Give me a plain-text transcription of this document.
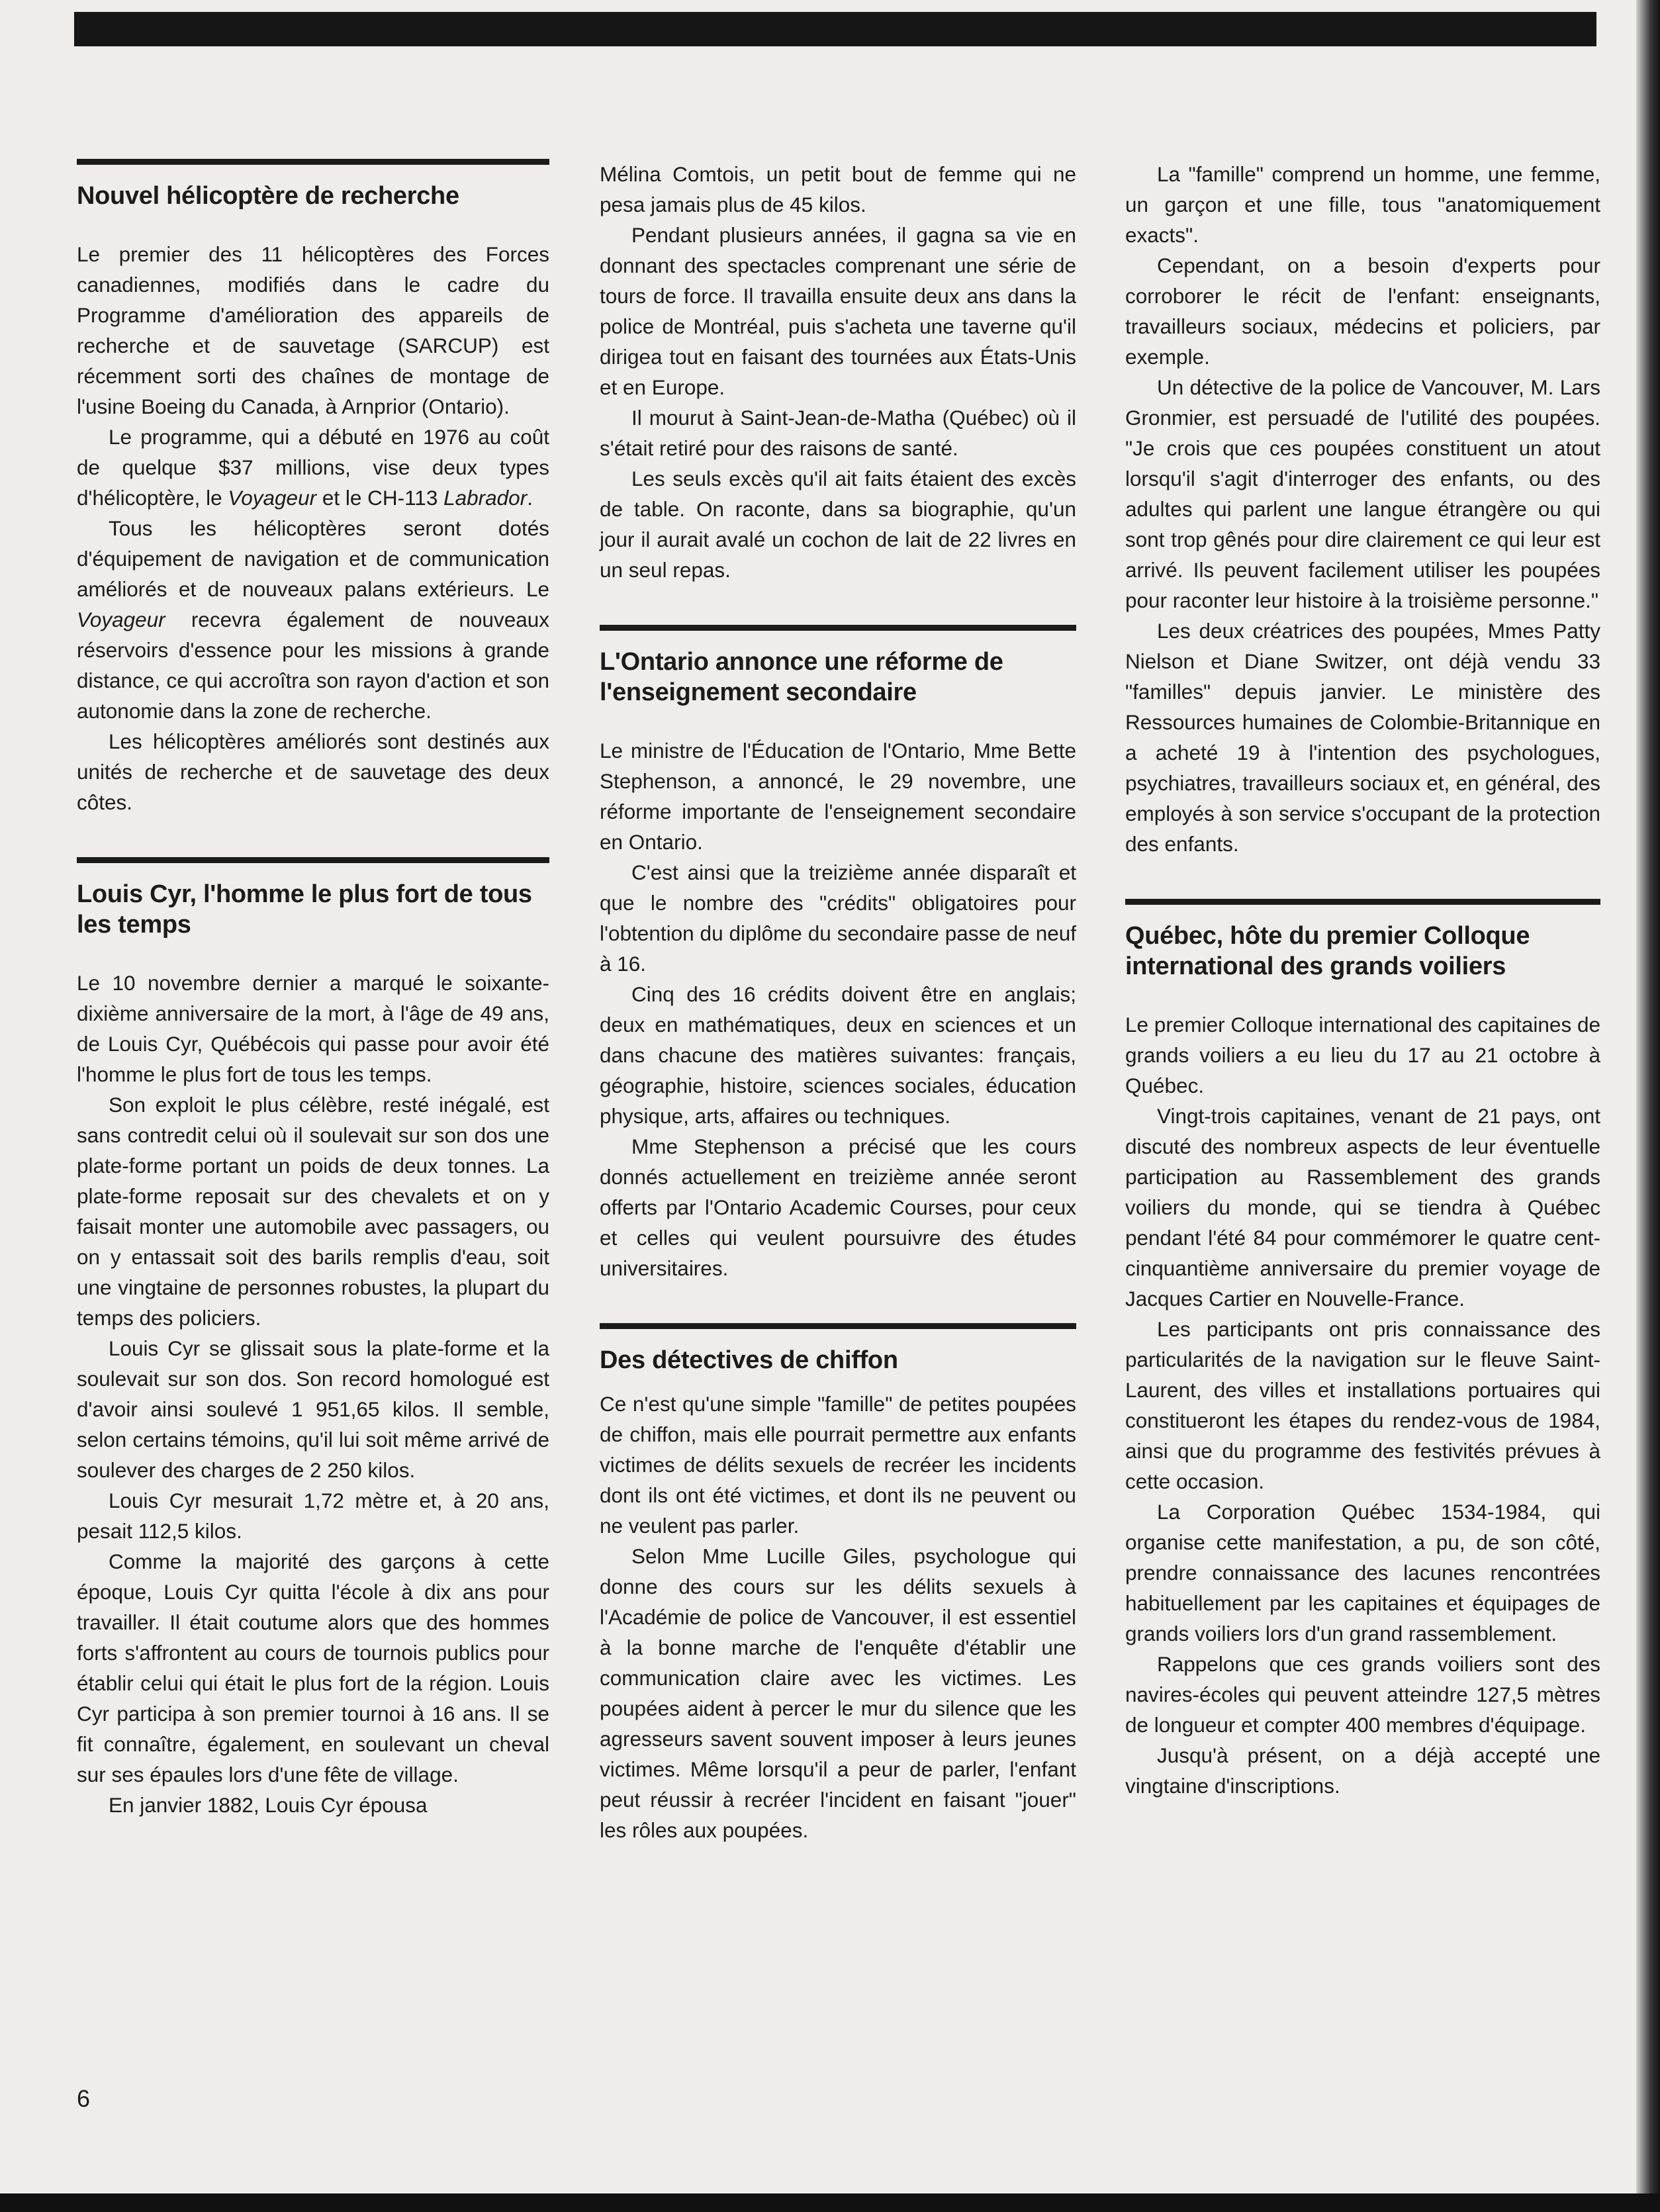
Nouvel hélicoptère de recherche

Le premier des 11 hélicoptères des Forces canadiennes, modifiés dans le cadre du Programme d'amélioration des appareils de recherche et de sauvetage (SARCUP) est récemment sorti des chaînes de montage de l'usine Boeing du Canada, à Arnprior (Ontario).

Le programme, qui a débuté en 1976 au coût de quelque $37 millions, vise deux types d'hélicoptère, le Voyageur et le CH-113 Labrador.

Tous les hélicoptères seront dotés d'équipement de navigation et de communication améliorés et de nouveaux palans extérieurs. Le Voyageur recevra également de nouveaux réservoirs d'essence pour les missions à grande distance, ce qui accroîtra son rayon d'action et son autonomie dans la zone de recherche.

Les hélicoptères améliorés sont destinés aux unités de recherche et de sauvetage des deux côtes.

Louis Cyr, l'homme le plus fort de tous les temps

Le 10 novembre dernier a marqué le soixante-dixième anniversaire de la mort, à l'âge de 49 ans, de Louis Cyr, Québécois qui passe pour avoir été l'homme le plus fort de tous les temps.

Son exploit le plus célèbre, resté inégalé, est sans contredit celui où il soulevait sur son dos une plate-forme portant un poids de deux tonnes. La plate-forme reposait sur des chevalets et on y faisait monter une automobile avec passagers, ou on y entassait soit des barils remplis d'eau, soit une vingtaine de personnes robustes, la plupart du temps des policiers.

Louis Cyr se glissait sous la plate-forme et la soulevait sur son dos. Son record homologué est d'avoir ainsi soulevé 1 951,65 kilos. Il semble, selon certains témoins, qu'il lui soit même arrivé de soulever des charges de 2 250 kilos.

Louis Cyr mesurait 1,72 mètre et, à 20 ans, pesait 112,5 kilos.

Comme la majorité des garçons à cette époque, Louis Cyr quitta l'école à dix ans pour travailler. Il était coutume alors que des hommes forts s'affrontent au cours de tournois publics pour établir celui qui était le plus fort de la région. Louis Cyr participa à son premier tournoi à 16 ans. Il se fit connaître, également, en soulevant un cheval sur ses épaules lors d'une fête de village.

En janvier 1882, Louis Cyr épousa

Mélina Comtois, un petit bout de femme qui ne pesa jamais plus de 45 kilos.

Pendant plusieurs années, il gagna sa vie en donnant des spectacles comprenant une série de tours de force. Il travailla ensuite deux ans dans la police de Montréal, puis s'acheta une taverne qu'il dirigea tout en faisant des tournées aux États-Unis et en Europe.

Il mourut à Saint-Jean-de-Matha (Québec) où il s'était retiré pour des raisons de santé.

Les seuls excès qu'il ait faits étaient des excès de table. On raconte, dans sa biographie, qu'un jour il aurait avalé un cochon de lait de 22 livres en un seul repas.

L'Ontario annonce une réforme de l'enseignement secondaire

Le ministre de l'Éducation de l'Ontario, Mme Bette Stephenson, a annoncé, le 29 novembre, une réforme importante de l'enseignement secondaire en Ontario.

C'est ainsi que la treizième année disparaît et que le nombre des "crédits" obligatoires pour l'obtention du diplôme du secondaire passe de neuf à 16.

Cinq des 16 crédits doivent être en anglais; deux en mathématiques, deux en sciences et un dans chacune des matières suivantes: français, géographie, histoire, sciences sociales, éducation physique, arts, affaires ou techniques.

Mme Stephenson a précisé que les cours donnés actuellement en treizième année seront offerts par l'Ontario Academic Courses, pour ceux et celles qui veulent poursuivre des études universitaires.

Des détectives de chiffon

Ce n'est qu'une simple "famille" de petites poupées de chiffon, mais elle pourrait permettre aux enfants victimes de délits sexuels de recréer les incidents dont ils ont été victimes, et dont ils ne peuvent ou ne veulent pas parler.

Selon Mme Lucille Giles, psychologue qui donne des cours sur les délits sexuels à l'Académie de police de Vancouver, il est essentiel à la bonne marche de l'enquête d'établir une communication claire avec les victimes. Les poupées aident à percer le mur du silence que les agresseurs savent souvent imposer à leurs jeunes victimes. Même lorsqu'il a peur de parler, l'enfant peut réussir à recréer l'incident en faisant "jouer" les rôles aux poupées.

La "famille" comprend un homme, une femme, un garçon et une fille, tous "anatomiquement exacts".

Cependant, on a besoin d'experts pour corroborer le récit de l'enfant: enseignants, travailleurs sociaux, médecins et policiers, par exemple.

Un détective de la police de Vancouver, M. Lars Gronmier, est persuadé de l'utilité des poupées. "Je crois que ces poupées constituent un atout lorsqu'il s'agit d'interroger des enfants, ou des adultes qui parlent une langue étrangère ou qui sont trop gênés pour dire clairement ce qui leur est arrivé. Ils peuvent facilement utiliser les poupées pour raconter leur histoire à la troisième personne."

Les deux créatrices des poupées, Mmes Patty Nielson et Diane Switzer, ont déjà vendu 33 "familles" depuis janvier. Le ministère des Ressources humaines de Colombie-Britannique en a acheté 19 à l'intention des psychologues, psychiatres, travailleurs sociaux et, en général, des employés à son service s'occupant de la protection des enfants.

Québec, hôte du premier Colloque international des grands voiliers

Le premier Colloque international des capitaines de grands voiliers a eu lieu du 17 au 21 octobre à Québec.

Vingt-trois capitaines, venant de 21 pays, ont discuté des nombreux aspects de leur éventuelle participation au Rassemblement des grands voiliers du monde, qui se tiendra à Québec pendant l'été 84 pour commémorer le quatre cent-cinquantième anniversaire du premier voyage de Jacques Cartier en Nouvelle-France.

Les participants ont pris connaissance des particularités de la navigation sur le fleuve Saint-Laurent, des villes et installations portuaires qui constitueront les étapes du rendez-vous de 1984, ainsi que du programme des festivités prévues à cette occasion.

La Corporation Québec 1534-1984, qui organise cette manifestation, a pu, de son côté, prendre connaissance des lacunes rencontrées habituellement par les capitaines et équipages de grands voiliers lors d'un grand rassemblement.

Rappelons que ces grands voiliers sont des navires-écoles qui peuvent atteindre 127,5 mètres de longueur et compter 400 membres d'équipage.

Jusqu'à présent, on a déjà accepté une vingtaine d'inscriptions.

6
